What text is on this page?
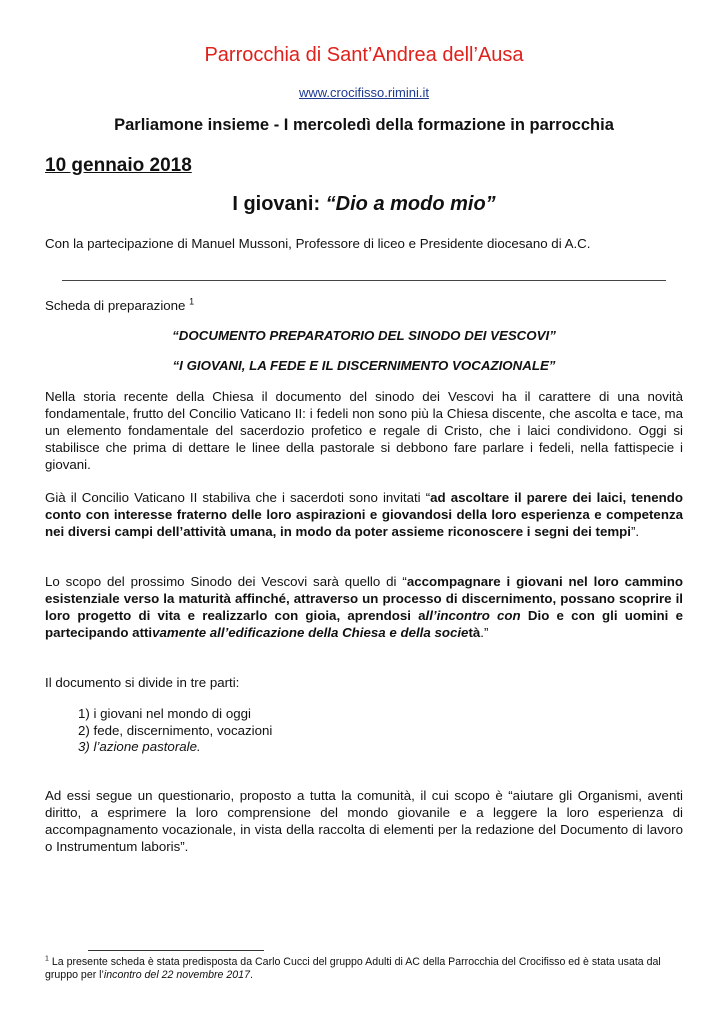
Parrocchia di Sant’Andrea dell’Ausa
www.crocifisso.rimini.it
Parliamone insieme - I mercoledì della formazione in parrocchia
10 gennaio 2018
I giovani: “Dio a modo mio”
Con la partecipazione di Manuel Mussoni, Professore di liceo e Presidente diocesano di A.C.
Scheda di preparazione $^1$
“DOCUMENTO PREPARATORIO DEL SINODO DEI VESCOVI”
“I GIOVANI, LA FEDE E IL DISCERNIMENTO VOCAZIONALE”
Nella storia recente della Chiesa il documento del sinodo dei Vescovi ha il carattere di una novità fondamentale, frutto del Concilio Vaticano II: i fedeli non sono più la Chiesa discente, che ascolta e tace, ma un elemento fondamentale del sacerdozio profetico e regale di Cristo, che i laici condividono. Oggi si stabilisce che prima di dettare le linee della pastorale si debbono fare parlare i fedeli, nella fattispecie i giovani.
Già il Concilio Vaticano II stabiliva che i sacerdoti sono invitati “ad ascoltare il parere dei laici, tenendo conto con interesse fraterno delle loro aspirazioni e giovandosi della loro esperienza e competenza nei diversi campi dell’attività umana, in modo da poter assieme riconoscere i segni dei tempi”.
Lo scopo del prossimo Sinodo dei Vescovi sarà quello di “accompagnare i giovani nel loro cammino esistenziale verso la maturità affinché, attraverso un processo di discernimento, possano scoprire il loro progetto di vita e realizzarlo con gioia, aprendosi all’incontro con Dio e con gli uomini e partecipando attivamente all’edificazione della Chiesa e della società.”
Il documento si divide in tre parti:
1) i giovani nel mondo di oggi
2) fede, discernimento, vocazioni
3) l’azione pastorale.
Ad essi segue un questionario, proposto a tutta la comunità, il cui scopo è “aiutare gli Organismi, aventi diritto, a esprimere la loro comprensione del mondo giovanile e a leggere la loro esperienza di accompagnamento vocazionale, in vista della raccolta di elementi per la redazione del Documento di lavoro o Instrumentum laboris”.
$^1$ La presente scheda è stata predisposta da Carlo Cucci del gruppo Adulti di AC della Parrocchia del Crocifisso ed è stata usata dal gruppo per l’incontro del 22 novembre 2017.
